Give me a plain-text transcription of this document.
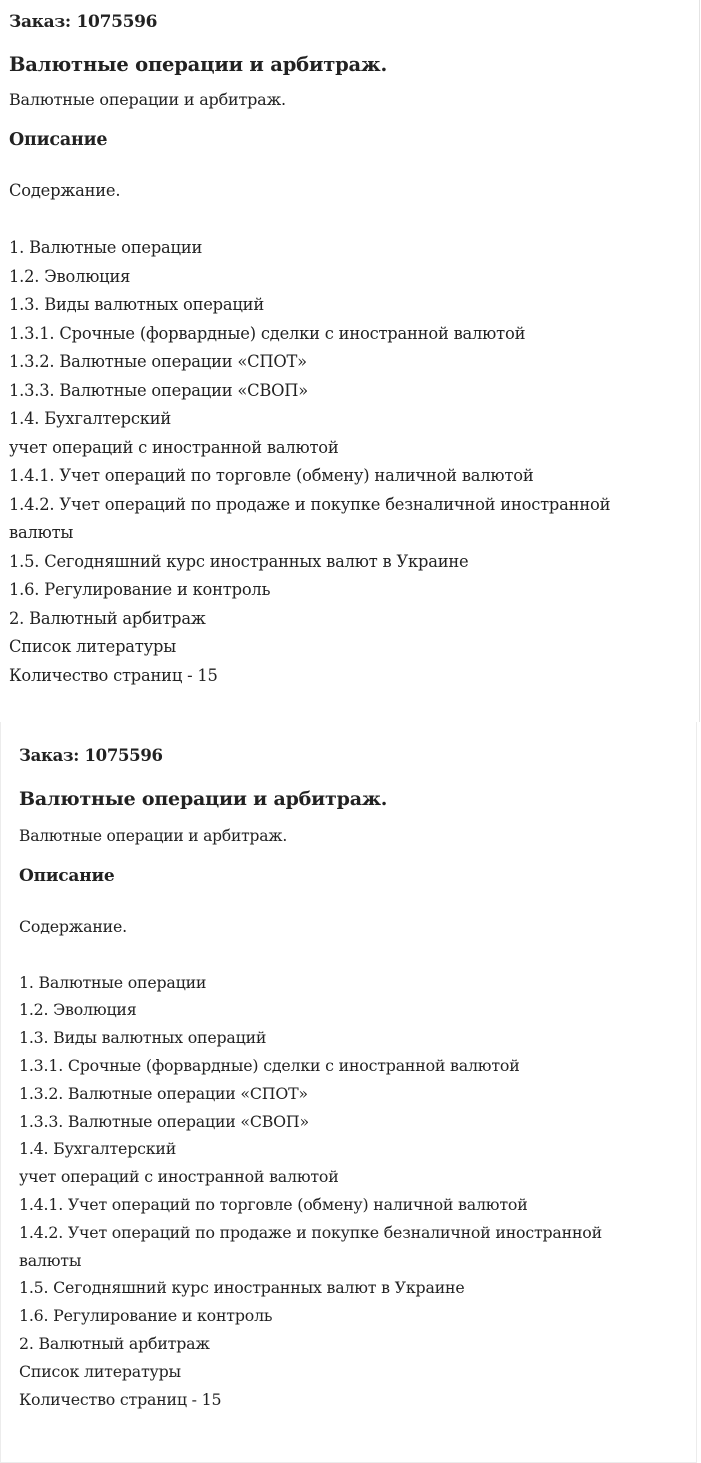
Заказ: 1075596
Валютные операции и арбитраж.
Валютные операции и арбитраж.
Описание
Содержание.
1. Валютные операции
1.2. Эволюция
1.3. Виды валютных операций
1.3.1. Срочные (форвардные) сделки с иностранной валютой
1.3.2. Валютные операции «СПОТ»
1.3.3. Валютные операции «СВОП»
1.4. Бухгалтерский
учет операций с иностранной валютой
1.4.1. Учет операций по торговле (обмену) наличной валютой
1.4.2. Учет операций по продаже и покупке безналичной иностранной
валюты
1.5. Сегодняшний курс иностранных валют в Украине
1.6. Регулирование и контроль
2. Валютный арбитраж
Список литературы
Количество страниц - 15
Заказ: 1075596
Валютные операции и арбитраж.
Валютные операции и арбитраж.
Описание
Содержание.
1. Валютные операции
1.2. Эволюция
1.3. Виды валютных операций
1.3.1. Срочные (форвардные) сделки с иностранной валютой
1.3.2. Валютные операции «СПОТ»
1.3.3. Валютные операции «СВОП»
1.4. Бухгалтерский
учет операций с иностранной валютой
1.4.1. Учет операций по торговле (обмену) наличной валютой
1.4.2. Учет операций по продаже и покупке безналичной иностранной
валюты
1.5. Сегодняшний курс иностранных валют в Украине
1.6. Регулирование и контроль
2. Валютный арбитраж
Список литературы
Количество страниц - 15
